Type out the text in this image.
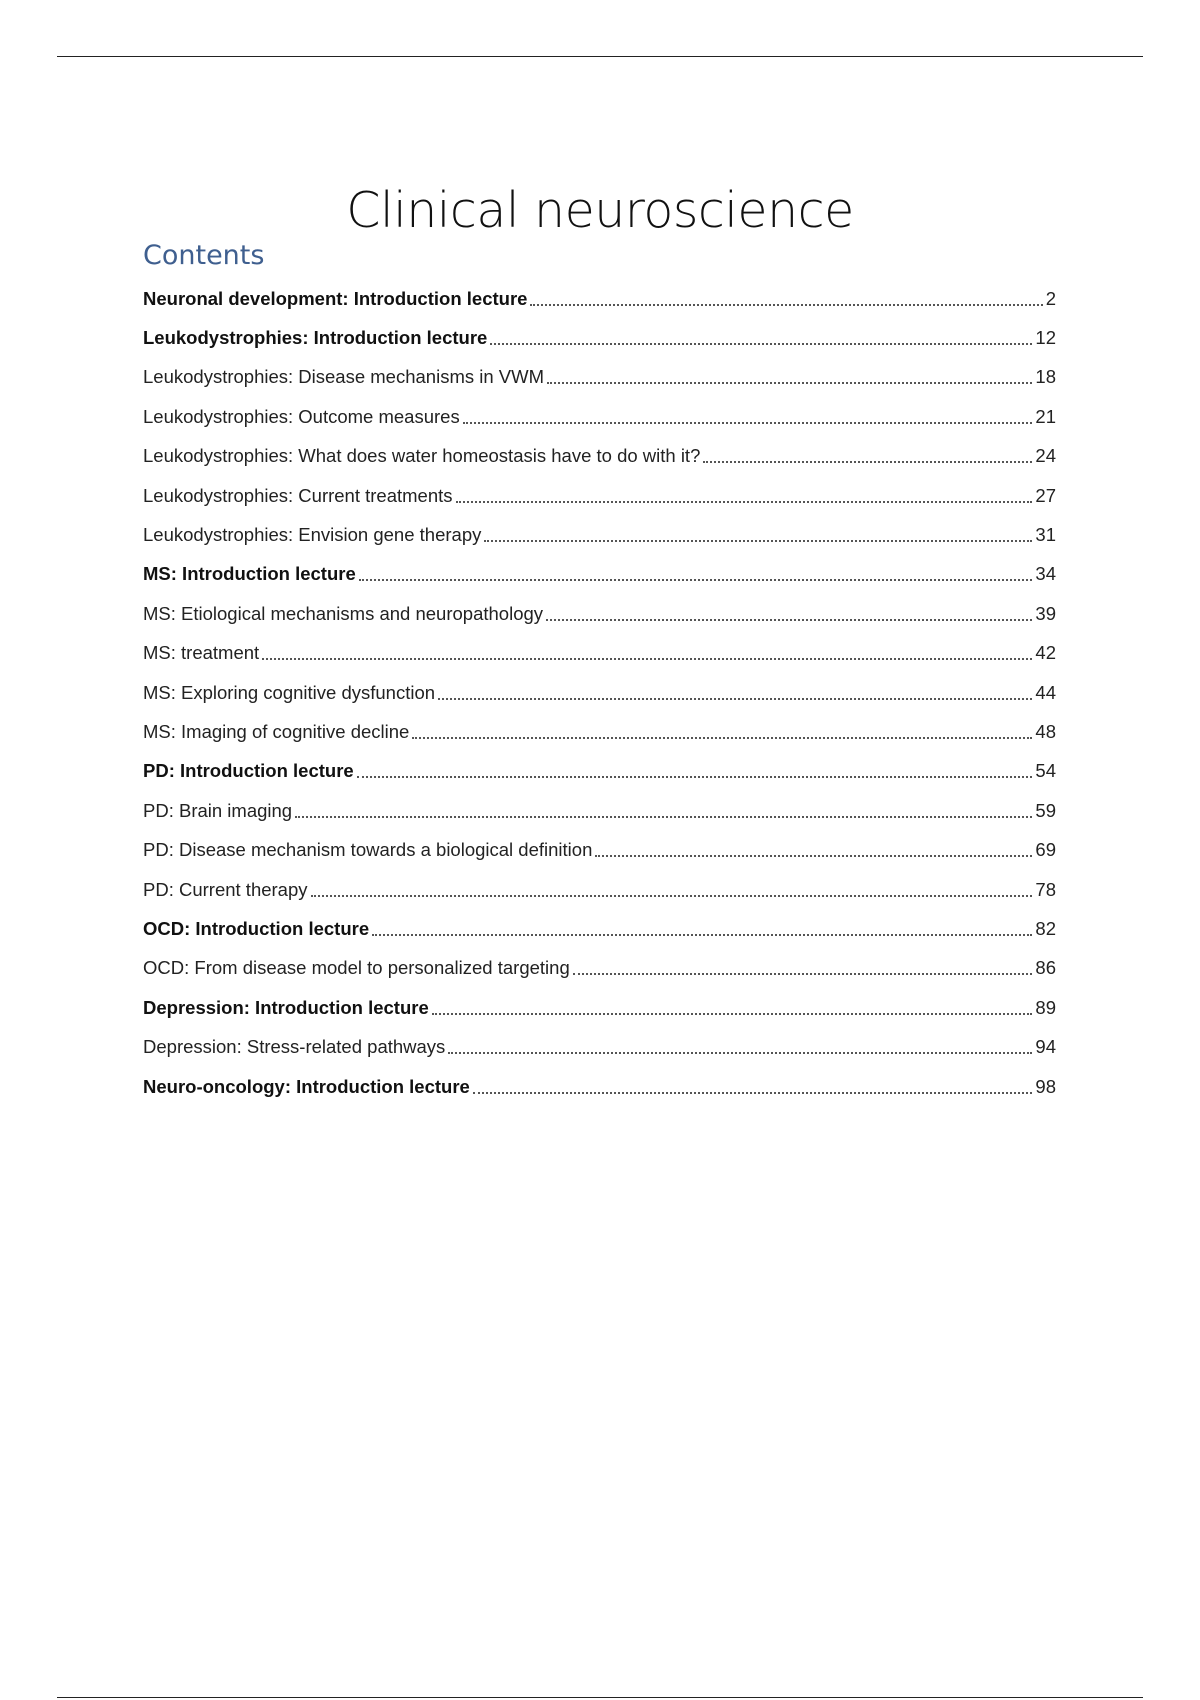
Clinical neuroscience
Contents
Neuronal development: Introduction lecture	2
Leukodystrophies: Introduction lecture	12
Leukodystrophies: Disease mechanisms in VWM	18
Leukodystrophies: Outcome measures	21
Leukodystrophies: What does water homeostasis have to do with it?	24
Leukodystrophies: Current treatments	27
Leukodystrophies: Envision gene therapy	31
MS: Introduction lecture	34
MS: Etiological mechanisms and neuropathology	39
MS: treatment	42
MS: Exploring cognitive dysfunction	44
MS: Imaging of cognitive decline	48
PD: Introduction lecture	54
PD: Brain imaging	59
PD: Disease mechanism towards a biological definition	69
PD: Current therapy	78
OCD: Introduction lecture	82
OCD: From disease model to personalized targeting	86
Depression: Introduction lecture	89
Depression: Stress-related pathways	94
Neuro-oncology: Introduction lecture	98
